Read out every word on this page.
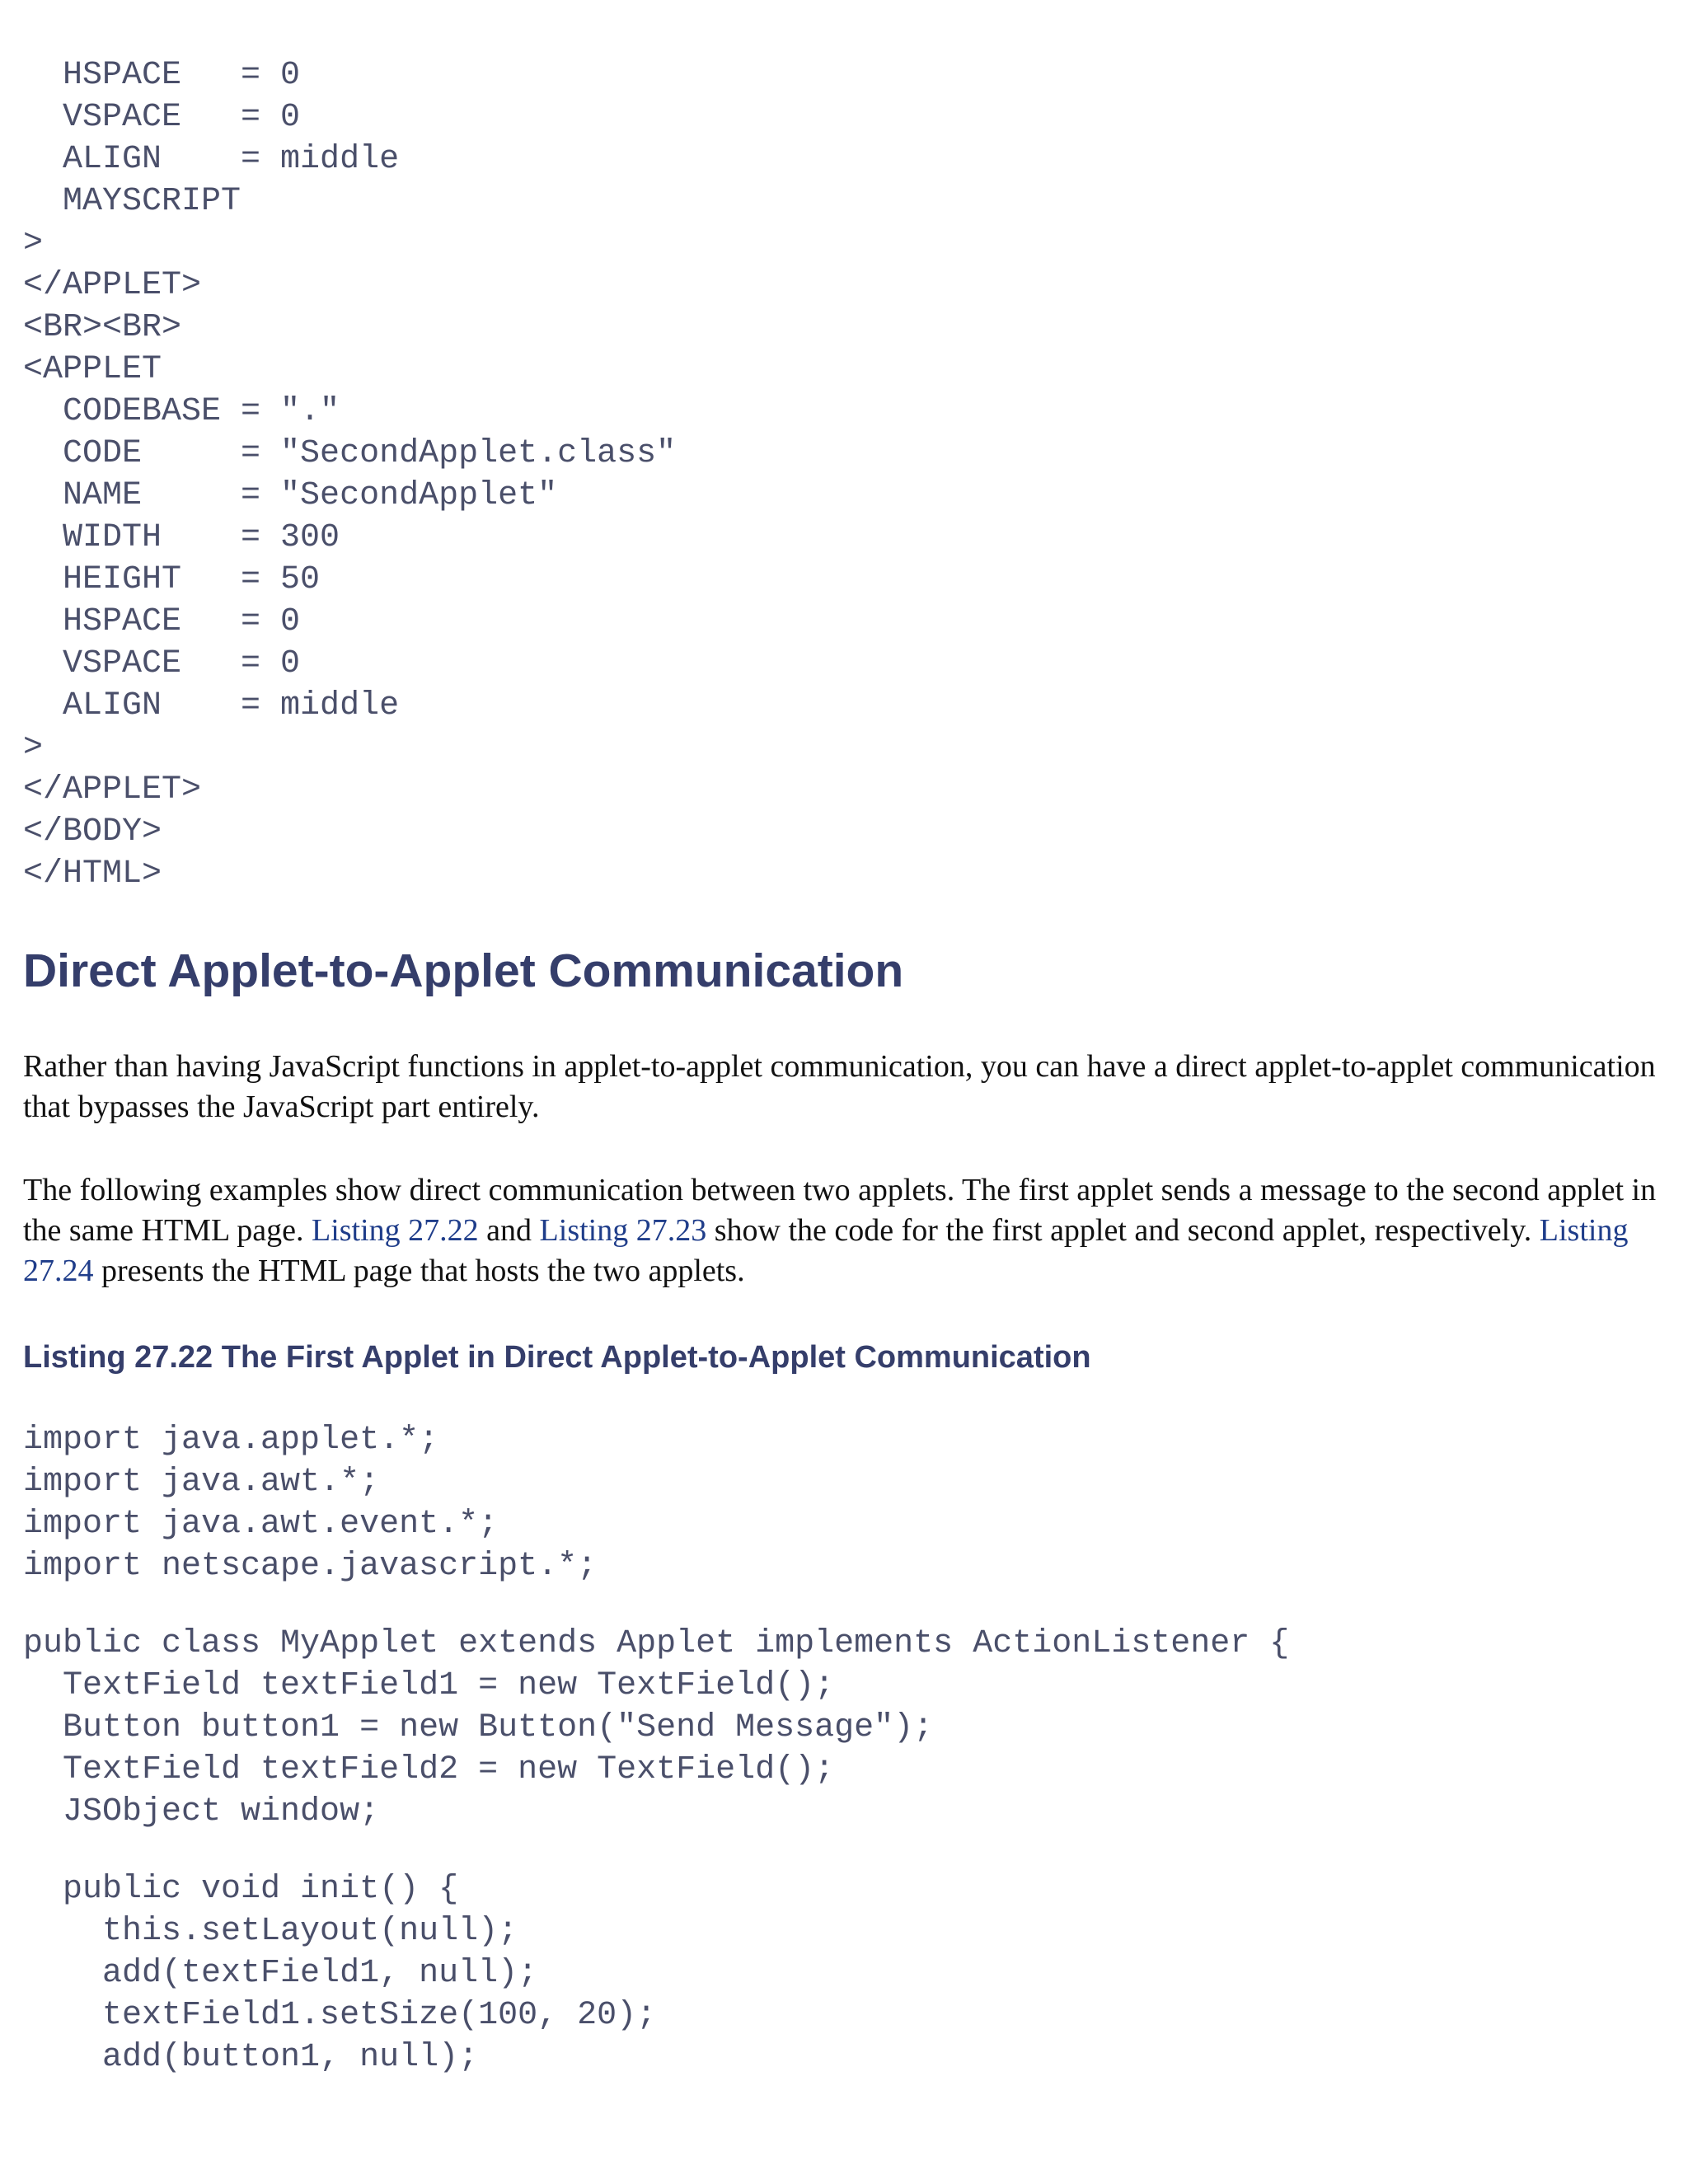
HSPACE   = 0
VSPACE   = 0
ALIGN    = middle
MAYSCRIPT
>
</APPLET>
<BR><BR>
<APPLET
CODEBASE = "."
CODE     = "SecondApplet.class"
NAME     = "SecondApplet"
WIDTH    = 300
HEIGHT   = 50
HSPACE   = 0
VSPACE   = 0
ALIGN    = middle
>
</APPLET>
</BODY>
</HTML>
Direct Applet-to-Applet Communication

Rather than having JavaScript functions in applet-to-applet communication, you can have a direct applet-to-applet communication that bypasses the JavaScript part entirely.

The following examples show direct communication between two applets. The first applet sends a message to the second applet in the same HTML page. Listing 27.22 and Listing 27.23 show the code for the first applet and second applet, respectively. Listing 27.24 presents the HTML page that hosts the two applets.

Listing 27.22 The First Applet in Direct Applet-to-Applet Communication
import java.applet.*;
import java.awt.*;
import java.awt.event.*;
import netscape.javascript.*;
public class MyApplet extends Applet implements ActionListener {
TextField textField1 = new TextField();
Button button1 = new Button("Send Message");
TextField textField2 = new TextField();
JSObject window;
public void init() {
this.setLayout(null);
add(textField1, null);
textField1.setSize(100, 20);
add(button1, null);
